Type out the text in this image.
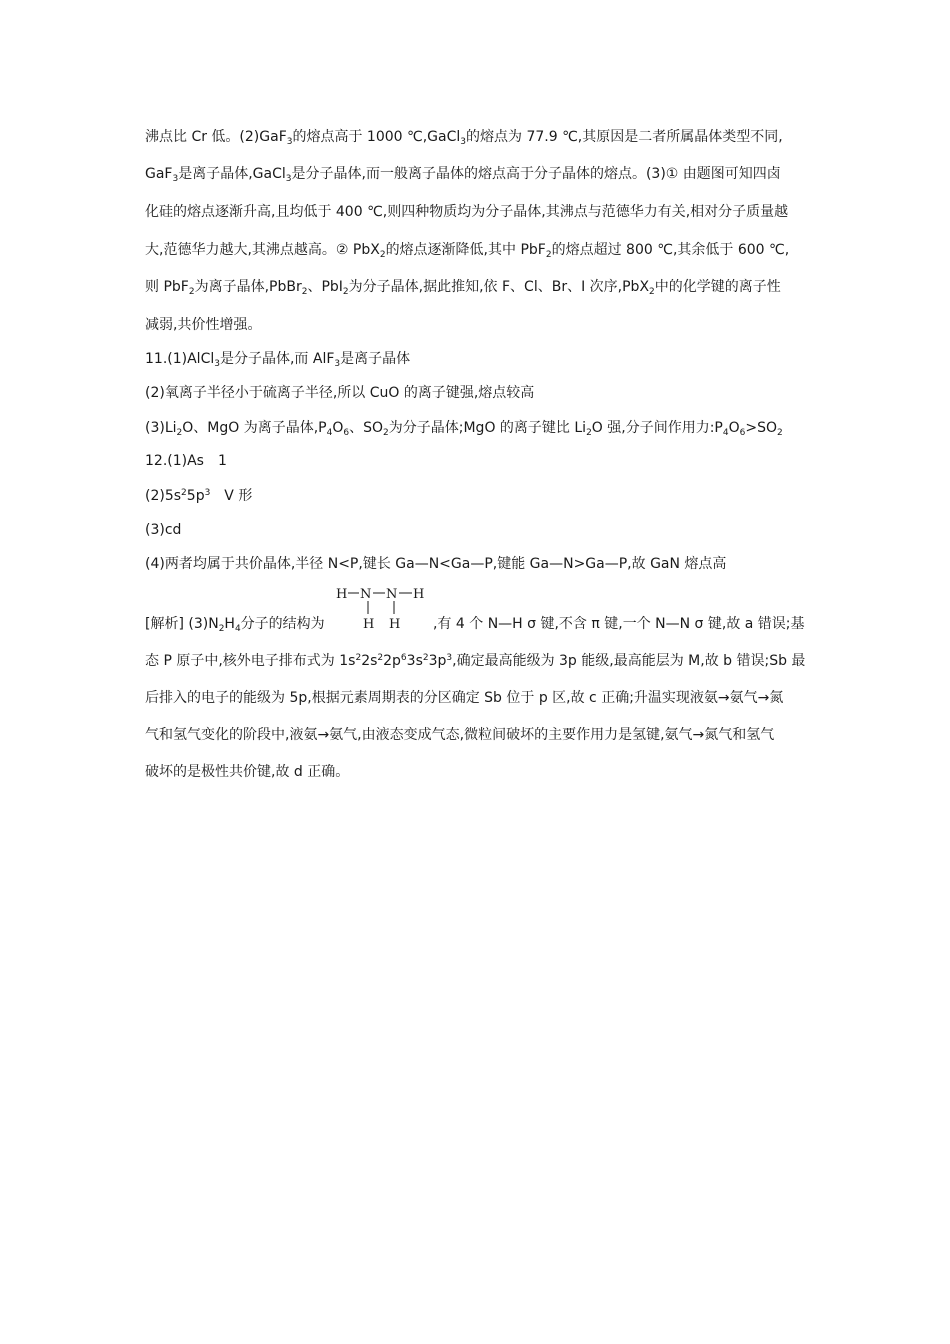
沸点比 Cr 低。(2)GaF$_3$的熔点高于 1000 ℃,GaCl$_3$的熔点为 77.9 ℃,其原因是二者所属晶体类型不同,
GaF$_3$是离子晶体,GaCl$_3$是分子晶体,而一般离子晶体的熔点高于分子晶体的熔点。(3)① 由题图可知四卤
化硅的熔点逐渐升高,且均低于 400 ℃,则四种物质均为分子晶体,其沸点与范德华力有关,相对分子质量越
大,范德华力越大,其沸点越高。② PbX$_2$的熔点逐渐降低,其中 PbF$_2$的熔点超过 800 ℃,其余低于 600 ℃,
则 PbF$_2$为离子晶体,PbBr$_2$、PbI$_2$为分子晶体,据此推知,依 F、Cl、Br、I 次序,PbX$_2$中的化学键的离子性
减弱,共价性增强。
11.(1)AlCl$_3$是分子晶体,而 AlF$_3$是离子晶体
(2)氧离子半径小于硫离子半径,所以 CuO 的离子键强,熔点较高
$(3)Li_2O$、MgO 为离子晶体$,P_4O_6$、$SO_2$为分子晶体;MgO 的离子键比 $Li_2O$ 强,分子间作用力$:P_4O_6>SO_2$
12.(1)As　1
$(2)5s^25p^3$　V 形
(3)cd
(4)两者均属于共价晶体,半径 N<P,键长 Ga—N<Ga—P,键能 Ga—N>Ga—P,故 GaN 熔点高
[解析] $(3)N_2H_4$分子的结构为	,有 4 个 N—H σ 键,不含 π 键,一个 N—N σ 键,故 a 错误;基
H N N H
H H
态 P 原子中,核外电子排布式为 $1s^22s^22p^63s^23p^3$,确定最高能级为 3p 能级,最高能层为 M,故 b 错误;Sb 最
后排入的电子的能级为 5p,根据元素周期表的分区确定 Sb 位于 p 区,故 c 正确;升温实现液氨→氨气→氮
气和氢气变化的阶段中,液氨→氨气,由液态变成气态,微粒间破坏的主要作用力是氢键,氨气→氮气和氢气
破坏的是极性共价键,故 d 正确。
